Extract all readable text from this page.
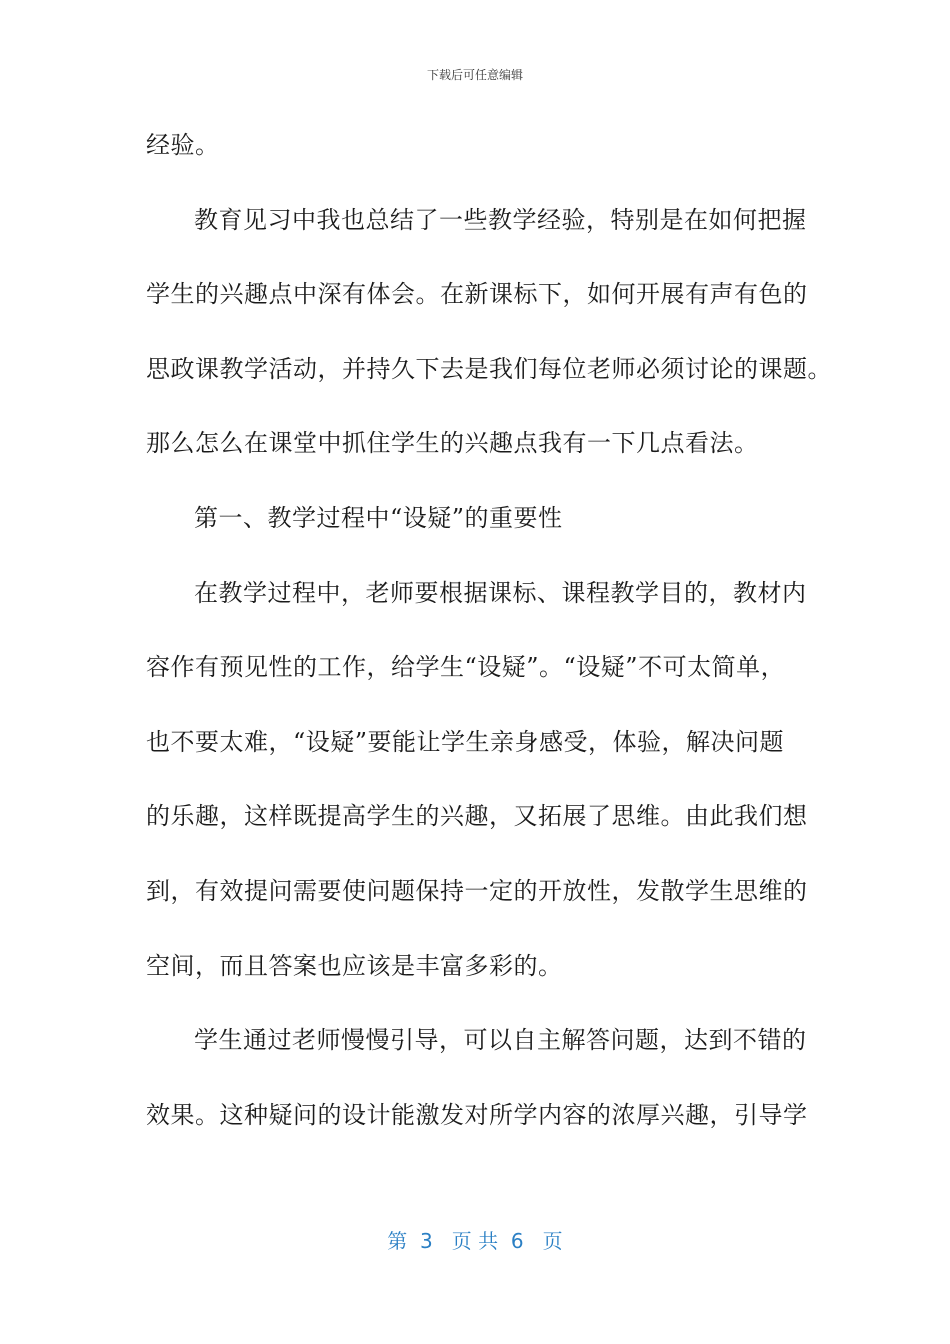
下载后可任意编辑
经验。
教育见习中我也总结了一些教学经验，特别是在如何把握
学生的兴趣点中深有体会。在新课标下，如何开展有声有色的
思政课教学活动，并持久下去是我们每位老师必须讨论的课题。
那么怎么在课堂中抓住学生的兴趣点我有一下几点看法。
第一、教学过程中“设疑”的重要性
在教学过程中，老师要根据课标、课程教学目的，教材内
容作有预见性的工作，给学生“设疑”。“设疑”不可太简单，
也不要太难，“设疑”要能让学生亲身感受，体验，解决问题
的乐趣，这样既提高学生的兴趣，又拓展了思维。由此我们想
到，有效提问需要使问题保持一定的开放性，发散学生思维的
空间，而且答案也应该是丰富多彩的。
学生通过老师慢慢引导，可以自主解答问题，达到不错的
效果。这种疑问的设计能激发对所学内容的浓厚兴趣，引导学
第  3   页 共  6   页
